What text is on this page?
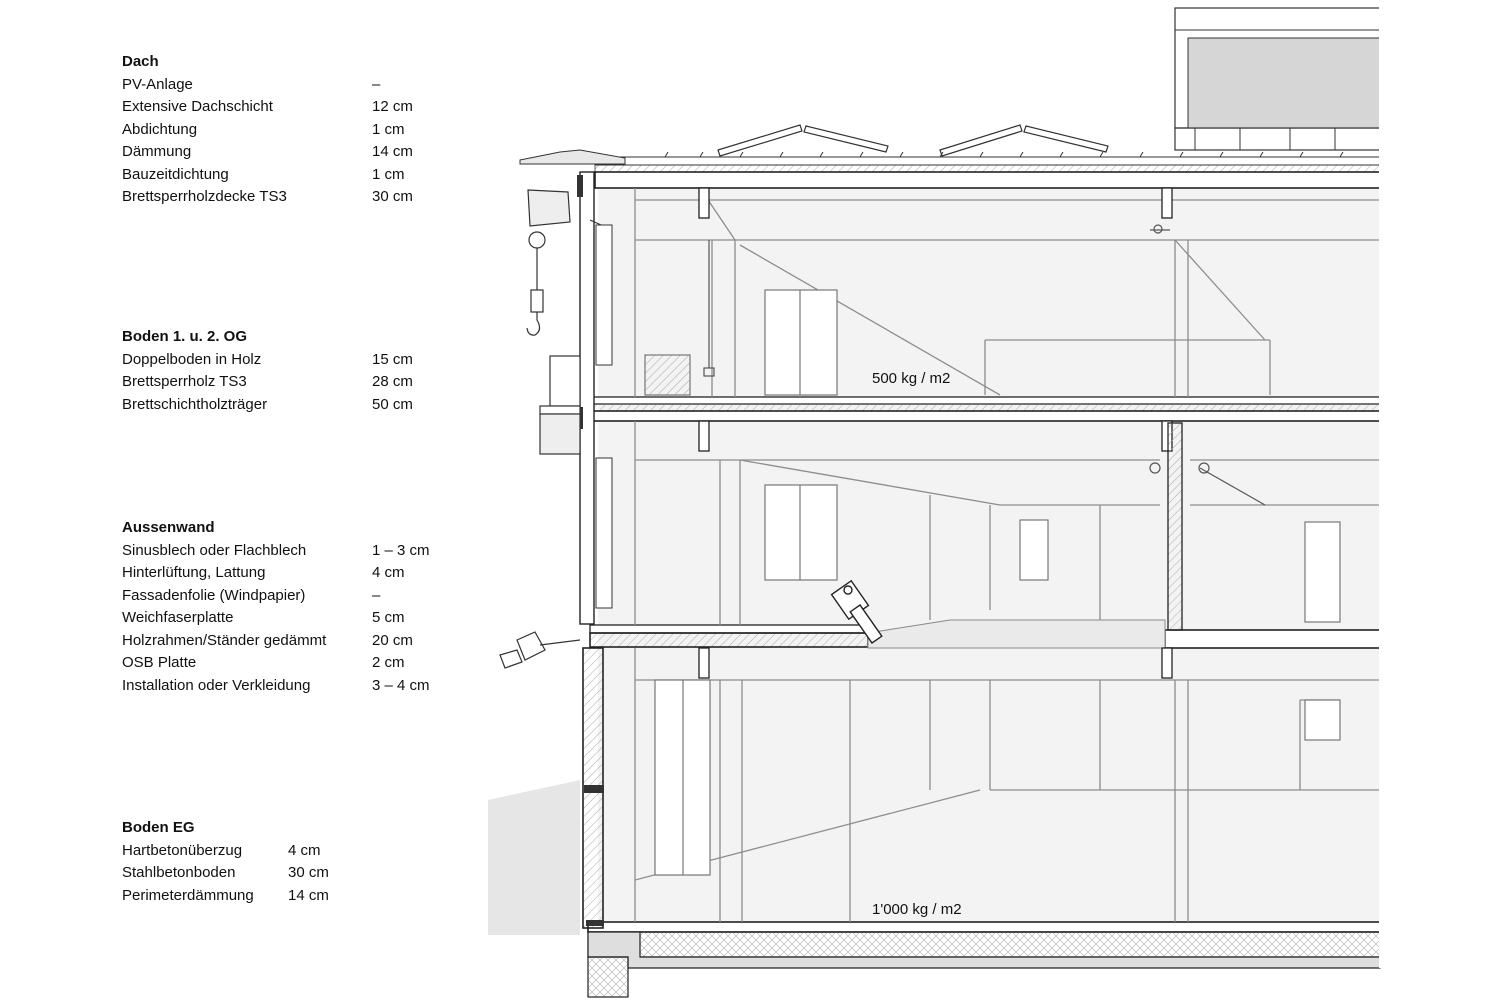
Dach
PV-Anlage	–
Extensive Dachschicht	12 cm
Abdichtung	1 cm
Dämmung	14 cm
Bauzeitdichtung	1 cm
Brettsperrholzdecke TS3	30 cm
Boden 1. u. 2. OG
Doppelboden in Holz	15 cm
Brettsperrholz TS3	28 cm
Brettschichtholzträger	50 cm
Aussenwand
Sinusblech oder Flachblech	1 – 3 cm
Hinterlüftung, Lattung	4 cm
Fassadenfolie (Windpapier)	–
Weichfaserplatte	5 cm
Holzrahmen/Ständer gedämmt	20 cm
OSB Platte	2 cm
Installation oder Verkleidung	3 – 4 cm
Boden EG
Hartbetonüberzug	4 cm
Stahlbetonboden	30 cm
Perimeterdämmung 14 cm
500 kg / m2
1'000 kg / m2
